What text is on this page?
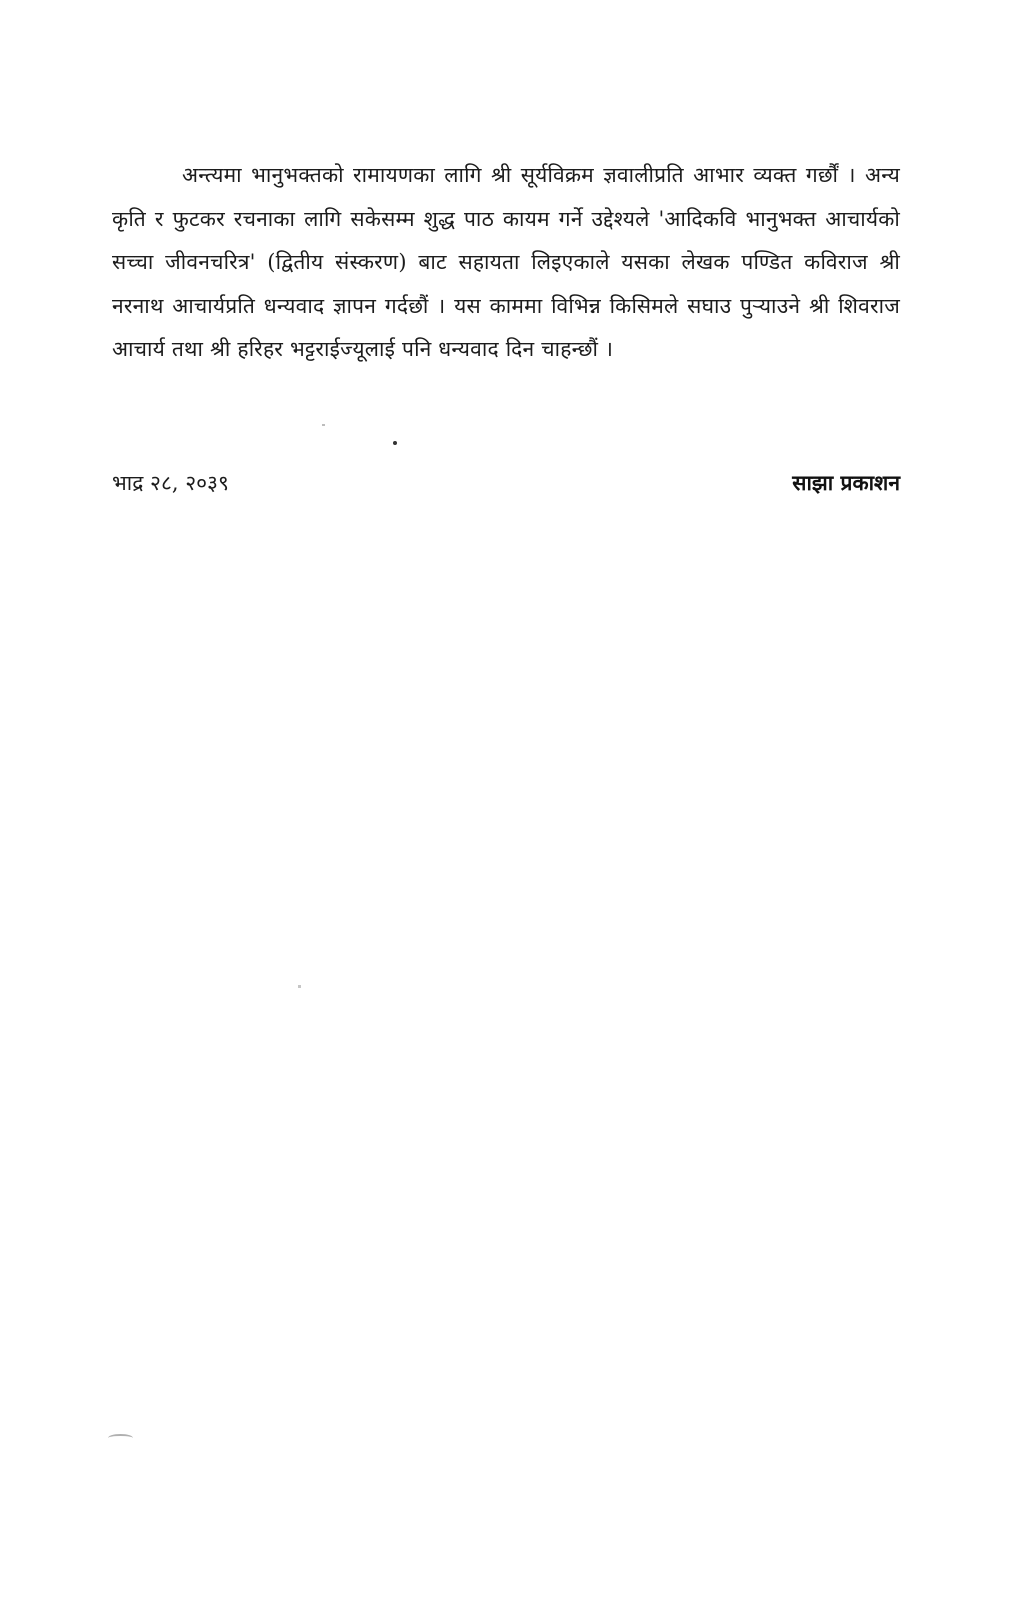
अन्त्यमा भानुभक्तको रामायणका लागि श्री सूर्यविक्रम ज्ञवालीप्रति आभार व्यक्त गर्छौं । अन्य कृति र फुटकर रचनाका लागि सकेसम्म शुद्ध पाठ कायम गर्ने उद्देश्यले 'आदिकवि भानुभक्त आचार्यको सच्चा जीवनचरित्र' (द्वितीय संस्करण) बाट सहायता लिइएकाले यसका लेखक पण्डित कविराज श्री नरनाथ आचार्यप्रति धन्यवाद ज्ञापन गर्दछौं । यस काममा विभिन्न किसिमले सघाउ पुऱ्याउने श्री शिवराज आचार्य तथा श्री हरिहर भट्टराईज्यूलाई पनि धन्यवाद दिन चाहन्छौं ।

भाद्र २८, २०३९	साझा प्रकाशन
